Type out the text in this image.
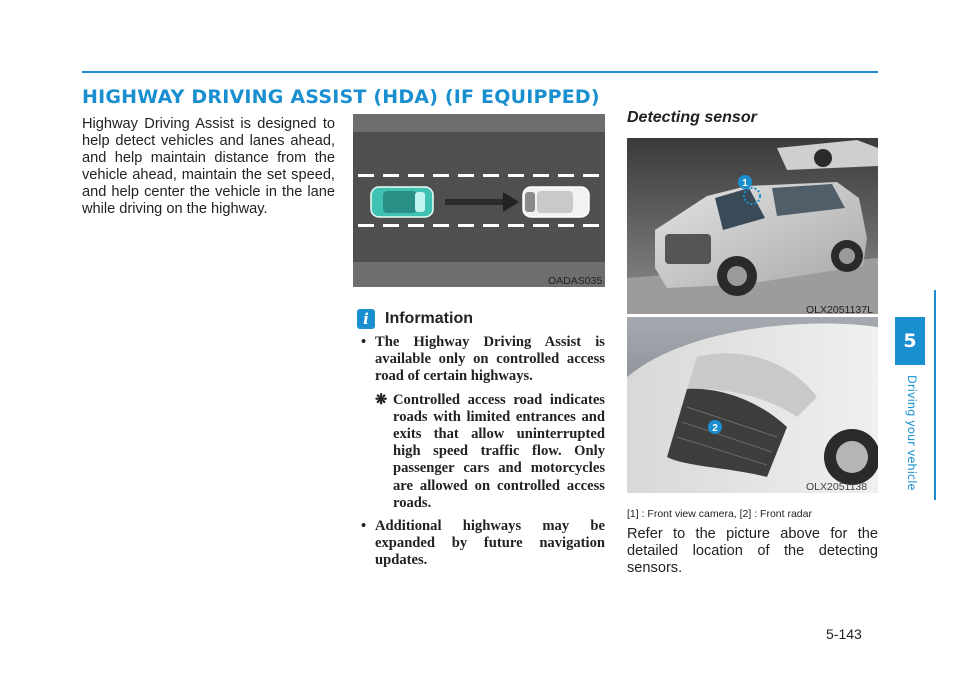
HIGHWAY DRIVING ASSIST (HDA) (IF EQUIPPED)

Highway Driving Assist is designed to help detect vehicles and lanes ahead, and help maintain distance from the vehicle ahead, maintain the set speed, and help center the vehicle in the lane while driving on the highway.

OADAS035
i	Information
• The Highway Driving Assist is available only on controlled access road of certain highways.
❋ Controlled access road indicates roads with limited entrances and exits that allow uninterrupted high speed traffic flow. Only passenger cars and motorcycles are allowed on controlled access roads.
• Additional highways may be expanded by future navigation updates.
Detecting sensor
1
OLX2051137L
2
OLX2051138
[1] : Front view camera, [2] : Front radar

Refer to the picture above for the detailed location of the detecting sensors.

5
Driving your vehicle
5-143
